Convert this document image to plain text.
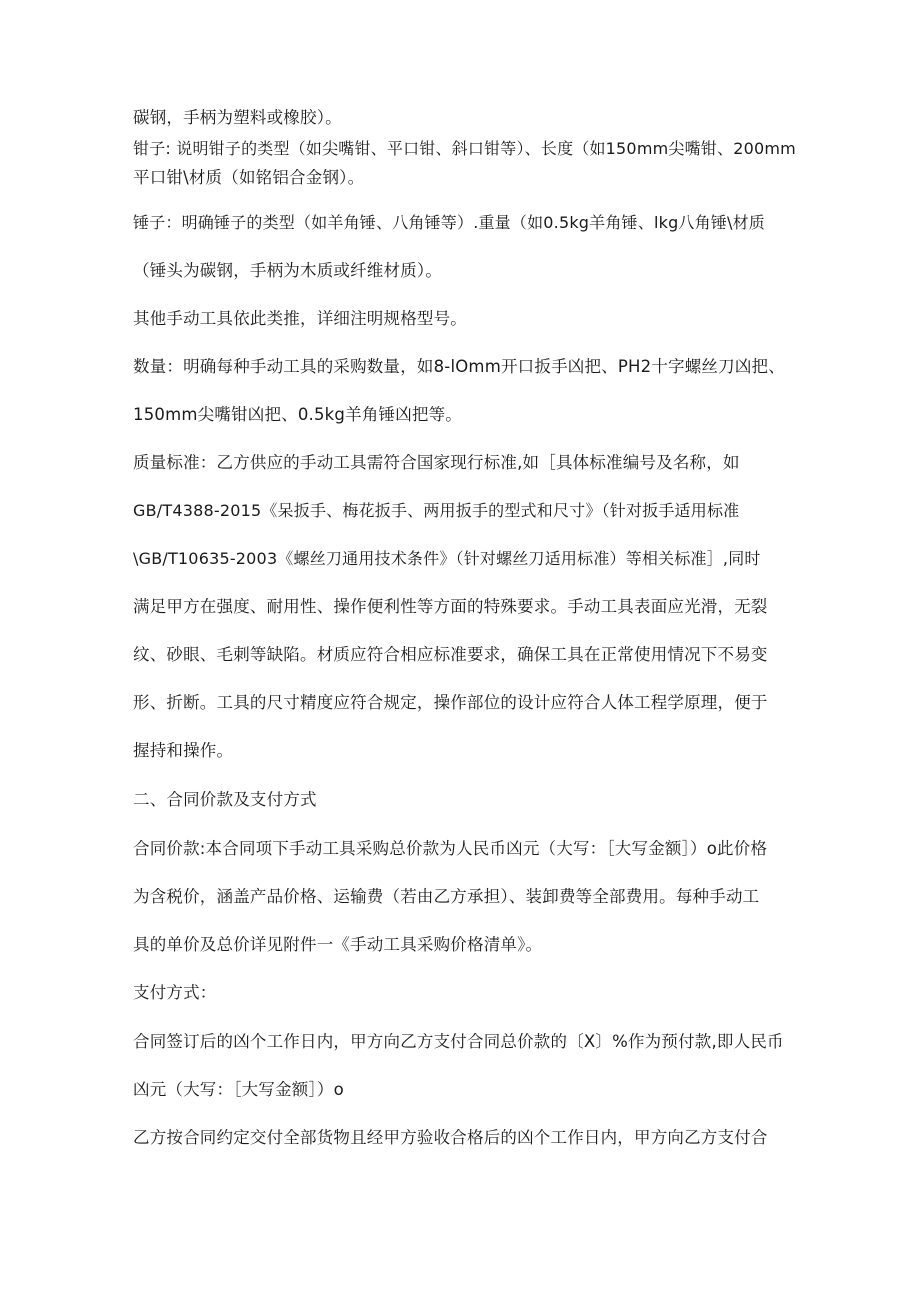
碳钢，手柄为塑料或橡胶）。
钳子: 说明钳子的类型（如尖嘴钳、平口钳、斜口钳等）、长度（如150mm尖嘴钳、200mm
平口钳\材质（如铭铝合金钢）。
锤子：明确锤子的类型（如羊角锤、八角锤等）.重量（如0.5kg羊角锤、lkg八角锤\材质
（锤头为碳钢，手柄为木质或纤维材质）。
其他手动工具依此类推，详细注明规格型号。
数量：明确每种手动工具的采购数量，如8-lOmm开口扳手凶把、PH2十字螺丝刀凶把、
150mm尖嘴钳凶把、0.5kg羊角锤凶把等。
质量标准：乙方供应的手动工具需符合国家现行标准,如［具体标准编号及名称，如
GB/T4388-2015《呆扳手、梅花扳手、两用扳手的型式和尺寸》（针对扳手适用标准
\GB/T10635-2003《螺丝刀通用技术条件》（针对螺丝刀适用标准）等相关标准］,同时
满足甲方在强度、耐用性、操作便利性等方面的特殊要求。手动工具表面应光滑，无裂
纹、砂眼、毛刺等缺陷。材质应符合相应标准要求，确保工具在正常使用情况下不易变
形、折断。工具的尺寸精度应符合规定，操作部位的设计应符合人体工程学原理，便于
握持和操作。
二、合同价款及支付方式
合同价款:本合同项下手动工具采购总价款为人民币凶元（大写：［大写金额］）o此价格
为含税价，涵盖产品价格、运输费（若由乙方承担）、装卸费等全部费用。每种手动工
具的单价及总价详见附件一《手动工具采购价格清单》。
支付方式：
合同签订后的凶个工作日内，甲方向乙方支付合同总价款的〔X〕%作为预付款,即人民币
凶元（大写：［大写金额］）o
乙方按合同约定交付全部货物且经甲方验收合格后的凶个工作日内，甲方向乙方支付合
